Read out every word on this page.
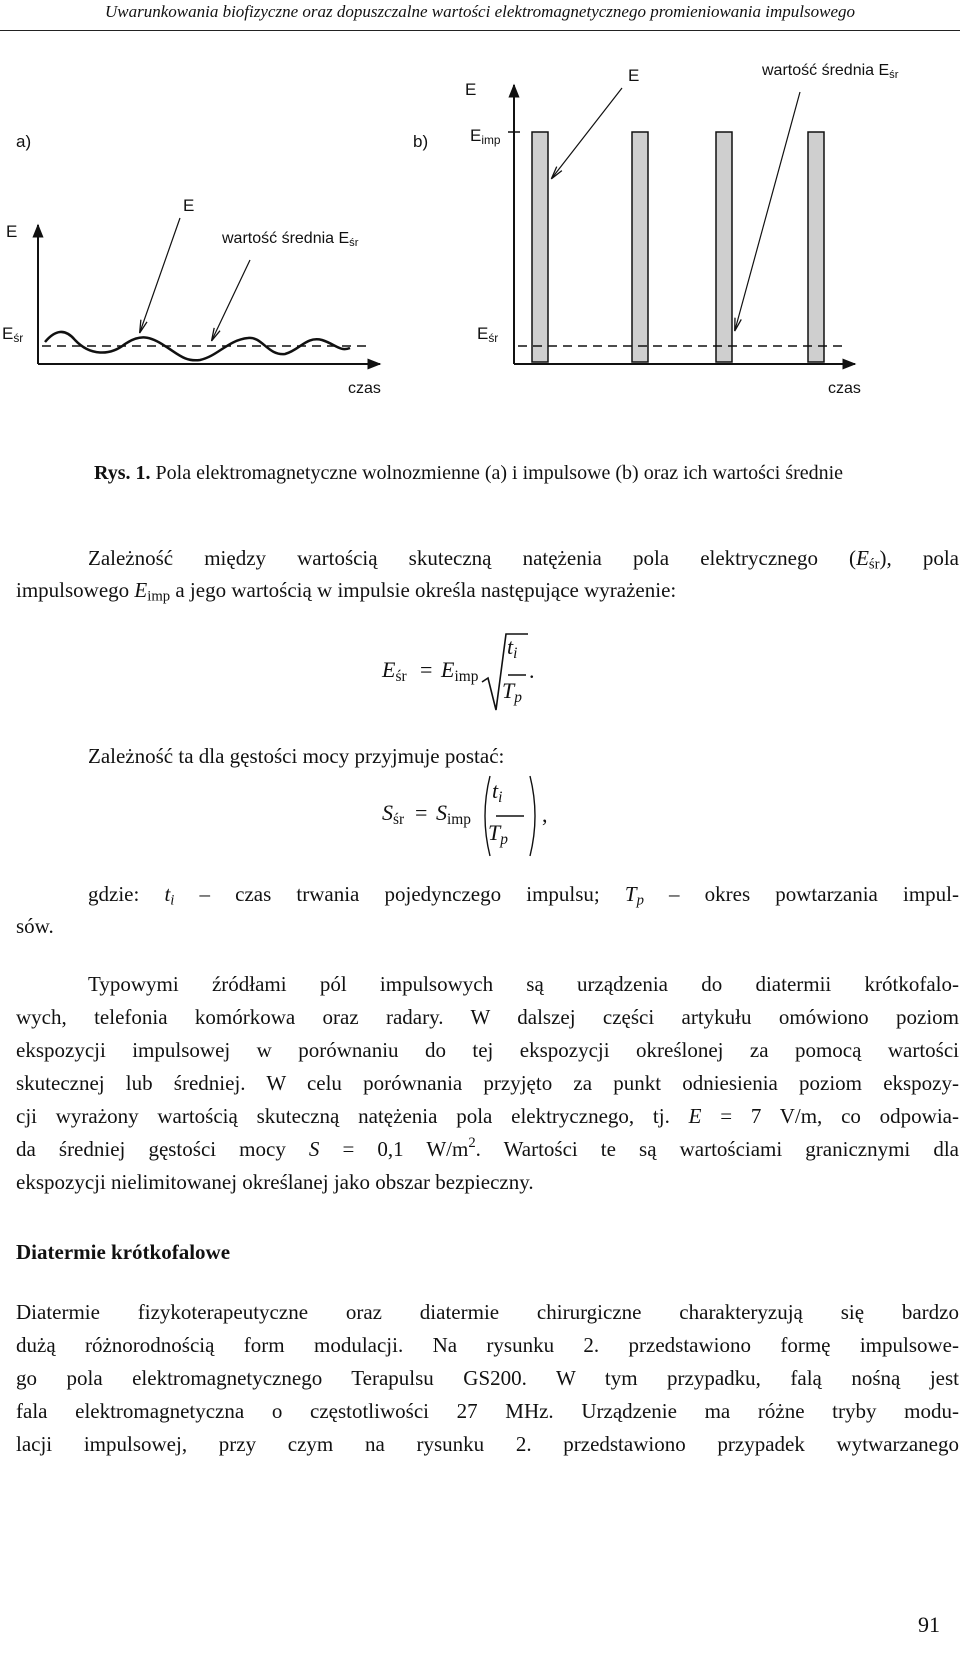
Uwarunkowania biofizyczne oraz dopuszczalne wartości elektromagnetycznego promieniowania impulsowego
a)
E
E
wartość średnia $E_{śr}$
$E_{śr}$
czas
b)
E
$E_{imp}$
E	wartość średnia $E_{śr}$
$E_{śr}$
czas
Rys. 1. Pola elektromagnetyczne wolnozmienne (a) i impulsowe (b) oraz ich wartości średnie
Zależność między wartością skuteczną natężenia pola elektrycznego $(E_{śr})$, pola
impulsowego $E_{imp}$ a jego wartością w impulsie określa następujące wyrażenie:
$E_{śr} = E_{imp}$
$t_i$
$T_p$
.
Zależność ta dla gęstości mocy przyjmuje postać:
$S_{śr} = S_{imp}$
$t_i$
$T_p$
,
gdzie: $t_i$ – czas trwania pojedynczego impulsu; $T_p$ – okres powtarzania impul-
sów.
Typowymi źródłami pól impulsowych są urządzenia do diatermii krótkofalo-
wych, telefonia komórkowa oraz radary. W dalszej części artykułu omówiono poziom
ekspozycji impulsowej w porównaniu do tej ekspozycji określonej za pomocą wartości
skutecznej lub średniej. W celu porównania przyjęto za punkt odniesienia poziom ekspozy-
cji wyrażony wartością skuteczną natężenia pola elektrycznego, tj. E = 7 V/m, co odpowia-
da średniej gęstości mocy S = 0,1 $W/m^2$. Wartości te są wartościami granicznymi dla
ekspozycji nielimitowanej określanej jako obszar bezpieczny.
Diatermie krótkofalowe
Diatermie fizykoterapeutyczne oraz diatermie chirurgiczne charakteryzują się bardzo
dużą różnorodnością form modulacji. Na rysunku 2. przedstawiono formę impulsowe-
go pola elektromagnetycznego Terapulsu GS200. W tym przypadku, falą nośną jest
fala elektromagnetyczna o częstotliwości 27 MHz. Urządzenie ma różne tryby modu-
lacji impulsowej, przy czym na rysunku 2. przedstawiono przypadek wytwarzanego
91
